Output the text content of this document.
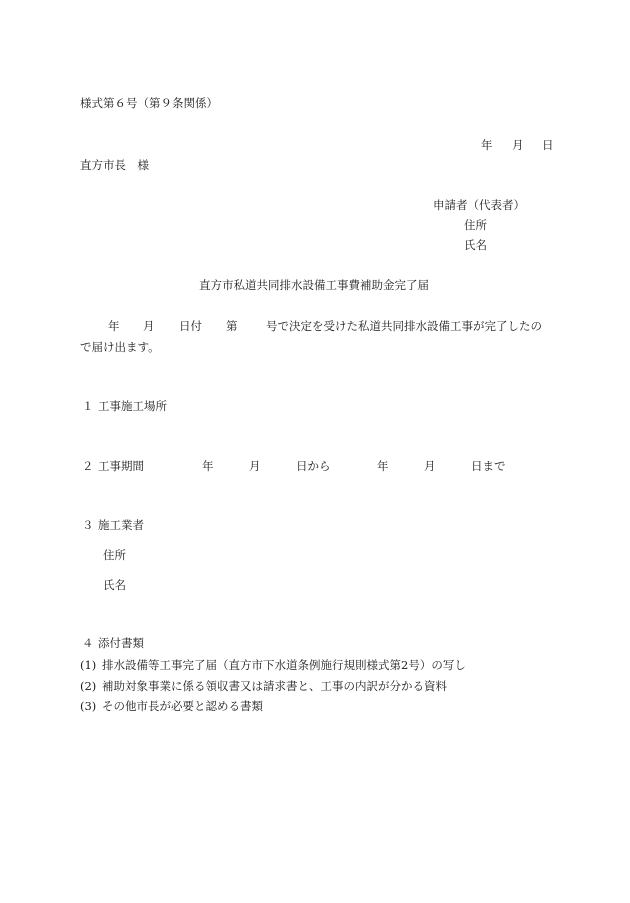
様式第６号（第９条関係）
年 月 日
直方市長　様
申請者（代表者）
住所
氏名
直方市私道共同排水設備工事費補助金完了届
年 月 日付 第 号で決定を受けた私道共同排水設備工事が完了したの
で届け出ます。
１ 工事施工場所
２ 工事期間	年	月	日から	年	月	日まで
３ 施工業者
住所
氏名
４ 添付書類
(1) 排水設備等工事完了届（直方市下水道条例施行規則様式第2号）の写し
(2) 補助対象事業に係る領収書又は請求書と、工事の内訳が分かる資料
(3) その他市長が必要と認める書類
